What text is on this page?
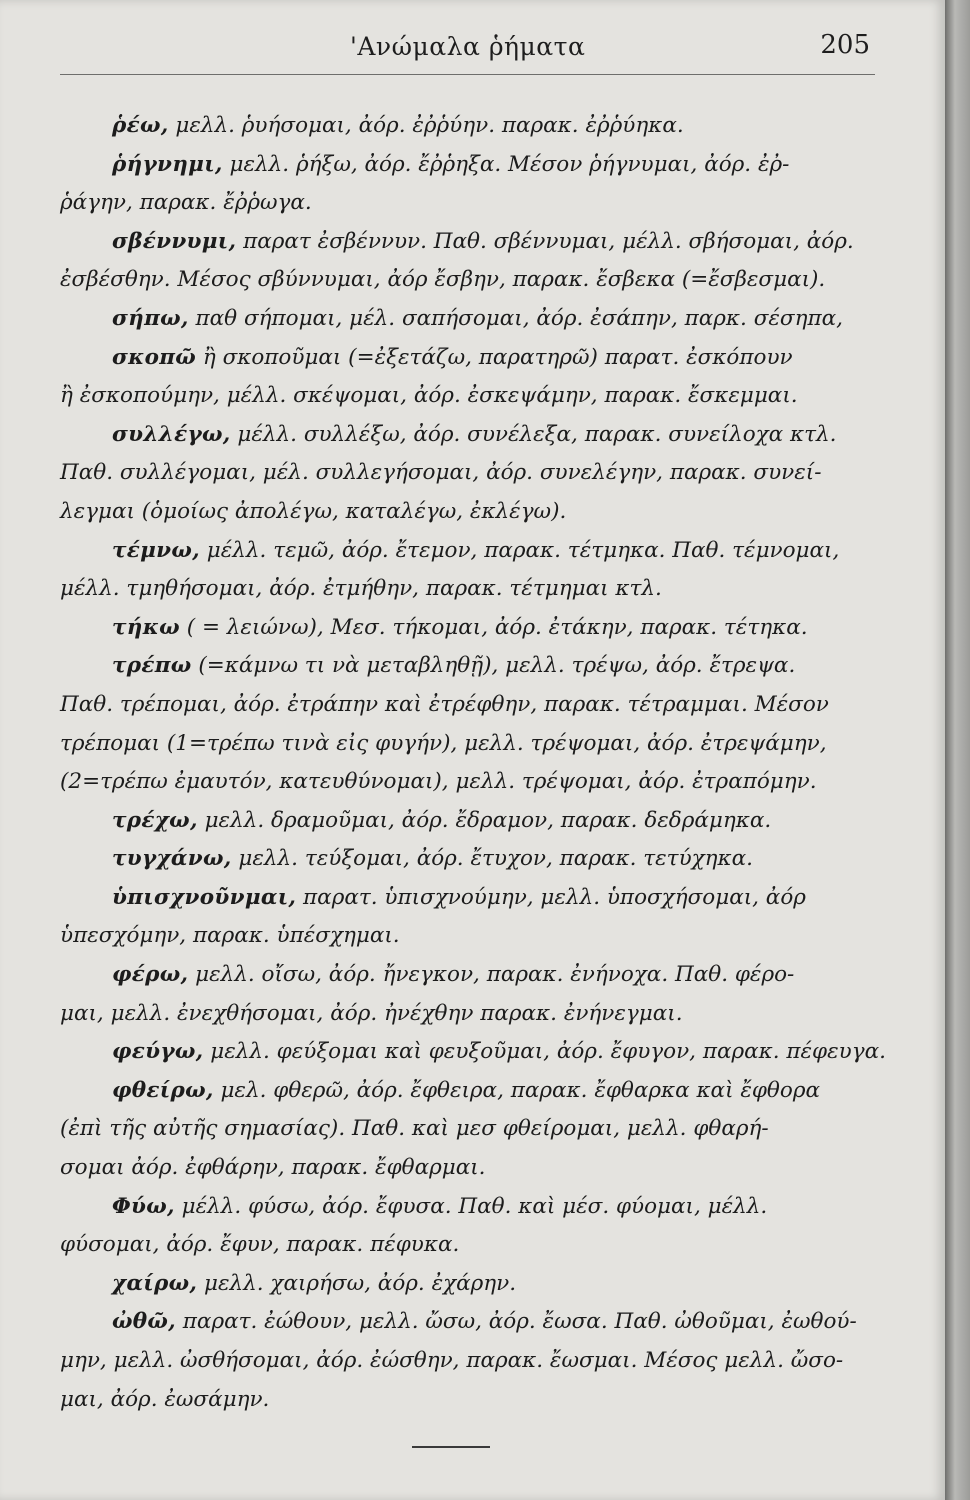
'Ανώμαλα ῥήματα	205
ῥέω, μελλ. ῥυήσομαι, ἀόρ. ἐῤῥύην. παρακ. ἐῤῥύηκα.
ῥήγνημι, μελλ. ῥήξω, ἀόρ. ἔῤῥηξα. Μέσον ῥήγνυμαι, ἀόρ. ἐῤ-
ῥάγην, παρακ. ἔῤῥωγα.
σβέννυμι, παρατ ἐσβέννυν. Παθ. σβέννυμαι, μέλλ. σβήσομαι, ἀόρ.
ἐσβέσθην. Μέσος σβύννυμαι, ἀόρ ἔσβην, παρακ. ἔσβεκα (=ἔσβεσμαι).
σήπω, παθ σήπομαι, μέλ. σαπήσομαι, ἀόρ. ἐσάπην, παρκ. σέσηπα,
σκοπῶ ἢ σκοποῦμαι (=ἐξετάζω, παρατηρῶ) παρατ. ἐσκόπουν
ἢ ἐσκοπούμην, μέλλ. σκέψομαι, ἀόρ. ἐσκεψάμην, παρακ. ἔσκεμμαι.
συλλέγω, μέλλ. συλλέξω, ἀόρ. συνέλεξα, παρακ. συνείλοχα κτλ.
Παθ. συλλέγομαι, μέλ. συλλεγήσομαι, ἀόρ. συνελέγην, παρακ. συνεί-
λεγμαι (ὁμοίως ἀπολέγω, καταλέγω, ἐκλέγω).
τέμνω, μέλλ. τεμῶ, ἀόρ. ἔτεμον, παρακ. τέτμηκα. Παθ. τέμνομαι,
μέλλ. τμηθήσομαι, ἀόρ. ἐτμήθην, παρακ. τέτμημαι κτλ.
τήκω ( = λειώνω), Μεσ. τήκομαι, ἀόρ. ἐτάκην, παρακ. τέτηκα.
τρέπω (=κάμνω τι νὰ μεταβληθῇ), μελλ. τρέψω, ἀόρ. ἔτρεψα.
Παθ. τρέπομαι, ἀόρ. ἐτράπην καὶ ἐτρέφθην, παρακ. τέτραμμαι. Μέσον
τρέπομαι (1=τρέπω τινὰ εἰς φυγήν), μελλ. τρέψομαι, ἀόρ. ἐτρεψάμην,
(2=τρέπω ἐμαυτόν, κατευθύνομαι), μελλ. τρέψομαι, ἀόρ. ἐτραπόμην.
τρέχω, μελλ. δραμοῦμαι, ἀόρ. ἔδραμον, παρακ. δεδράμηκα.
τυγχάνω, μελλ. τεύξομαι, ἀόρ. ἔτυχον, παρακ. τετύχηκα.
ὑπισχνοῦνμαι, παρατ. ὑπισχνούμην, μελλ. ὑποσχήσομαι, ἀόρ
ὑπεσχόμην, παρακ. ὑπέσχημαι.
φέρω, μελλ. οἴσω, ἀόρ. ἤνεγκον, παρακ. ἐνήνοχα. Παθ. φέρο-
μαι, μελλ. ἐνεχθήσομαι, ἀόρ. ἠνέχθην παρακ. ἐνήνεγμαι.
φεύγω, μελλ. φεύξομαι καὶ φευξοῦμαι, ἀόρ. ἔφυγον, παρακ. πέφευγα.
φθείρω, μελ. φθερῶ, ἀόρ. ἔφθειρα, παρακ. ἔφθαρκα καὶ ἔφθορα
(ἐπὶ τῆς αὐτῆς σημασίας). Παθ. καὶ μεσ φθείρομαι, μελλ. φθαρή-
σομαι ἀόρ. ἐφθάρην, παρακ. ἔφθαρμαι.
Φύω, μέλλ. φύσω, ἀόρ. ἔφυσα. Παθ. καὶ μέσ. φύομαι, μέλλ.
φύσομαι, ἀόρ. ἔφυν, παρακ. πέφυκα.
χαίρω, μελλ. χαιρήσω, ἀόρ. ἐχάρην.
ὠθῶ, παρατ. ἐώθουν, μελλ. ὤσω, ἀόρ. ἔωσα. Παθ. ὠθοῦμαι, ἐωθού-
μην, μελλ. ὠσθήσομαι, ἀόρ. ἐώσθην, παρακ. ἔωσμαι. Μέσος μελλ. ὤσο-
μαι, ἀόρ. ἐωσάμην.
